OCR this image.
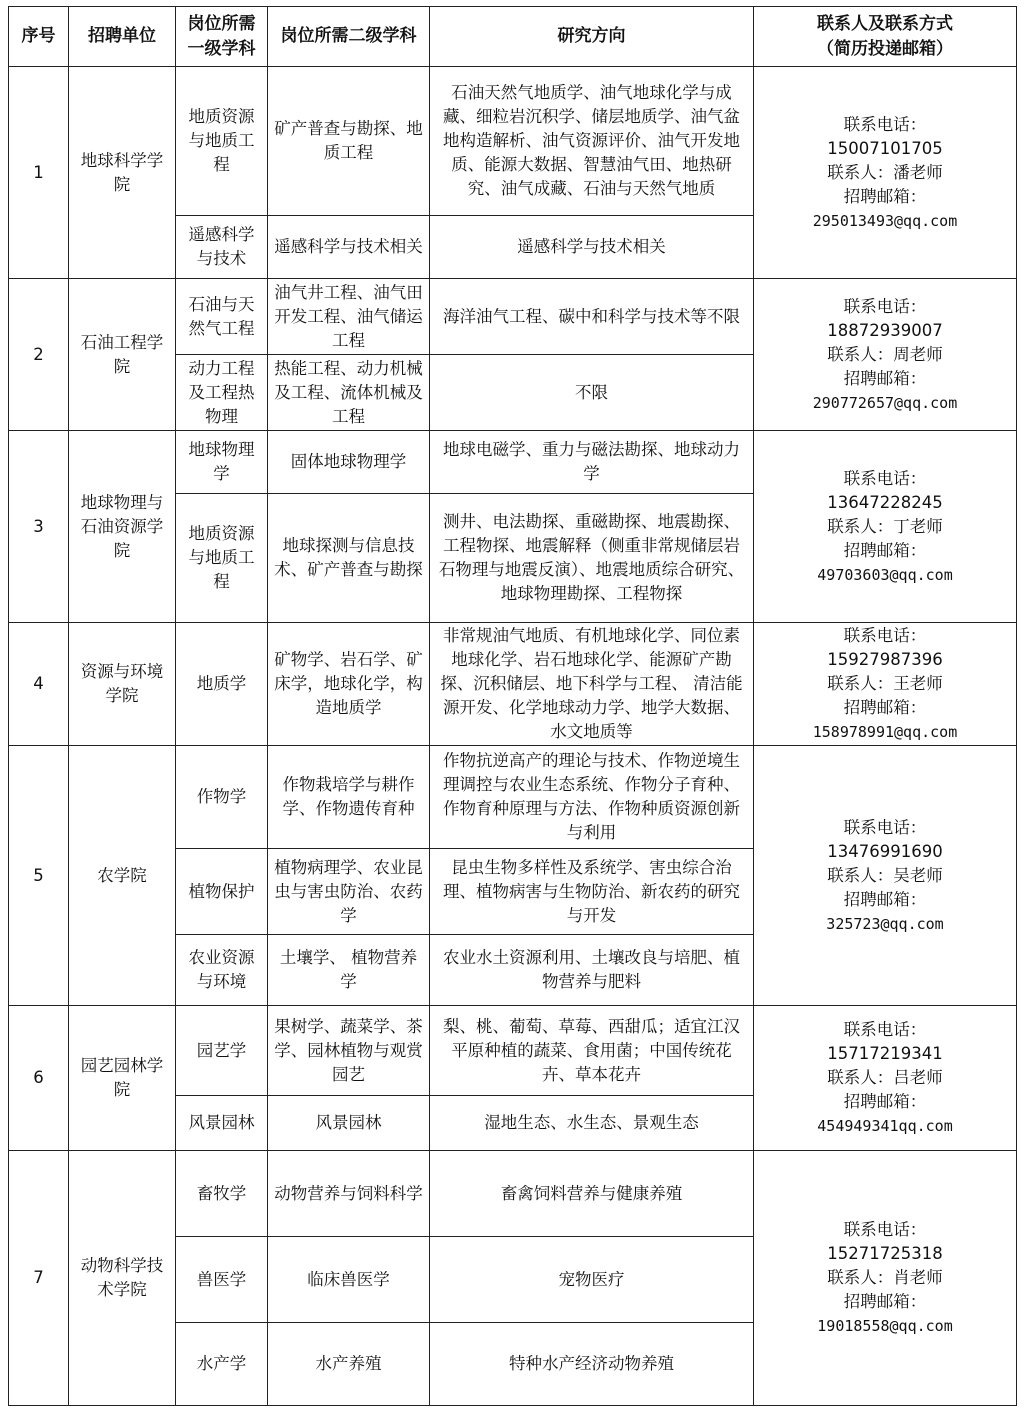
序号	招聘单位	岗位所需一级学科	岗位所需二级学科	研究方向	联系人及联系方式
（简历投递邮箱）

1	地球科学学院	地质资源与地质工程	矿产普查与勘探、地质工程	石油天然气地质学、油气地球化学与成藏、细粒岩沉积学、储层地质学、油气盆地构造解析、油气资源评价、油气开发地质、能源大数据、智慧油气田、地热研究、油气成藏、石油与天然气地质	联系电话：
15007101705
联系人：潘老师
招聘邮箱：
295013493@qq.com

		遥感科学与技术	遥感科学与技术相关	遥感科学与技术相关	
2	石油工程学院	石油与天然气工程	油气井工程、油气田开发工程、油气储运工程	海洋油气工程、碳中和科学与技术等不限	联系电话：
18872939007
联系人：周老师
招聘邮箱：
290772657@qq.com

		动力工程及工程热物理	热能工程、动力机械及工程、流体机械及工程	不限	
3	地球物理与石油资源学院	地球物理学	固体地球物理学	地球电磁学、重力与磁法勘探、地球动力学	联系电话：
13647228245
联系人：丁老师
招聘邮箱：
49703603@qq.com

		地质资源与地质工程	地球探测与信息技术、矿产普查与勘探	测井、电法勘探、重磁勘探、地震勘探、工程物探、地震解释（侧重非常规储层岩石物理与地震反演）、地震地质综合研究、地球物理勘探、工程物探	
4	资源与环境学院	地质学	矿物学、岩石学、矿床学，地球化学，构造地质学	非常规油气地质、有机地球化学、同位素地球化学、岩石地球化学、能源矿产勘探、沉积储层、地下科学与工程、 清洁能源开发、化学地球动力学、地学大数据、水文地质等	联系电话：
15927987396
联系人：王老师
招聘邮箱：
158978991@qq.com

5	农学院	作物学	作物栽培学与耕作学、作物遗传育种	作物抗逆高产的理论与技术、作物逆境生理调控与农业生态系统、作物分子育种、作物育种原理与方法、作物种质资源创新与利用	联系电话：
13476991690
联系人：吴老师
招聘邮箱：
325723@qq.com

		植物保护	植物病理学、农业昆虫与害虫防治、农药学	昆虫生物多样性及系统学、害虫综合治理、植物病害与生物防治、新农药的研究与开发	
		农业资源与环境	土壤学、 植物营养学	农业水土资源利用、土壤改良与培肥、植物营养与肥料	
6	园艺园林学院	园艺学	果树学、蔬菜学、茶学、园林植物与观赏园艺	梨、桃、葡萄、草莓、西甜瓜；适宜江汉平原种植的蔬菜、食用菌；中国传统花卉、草本花卉	联系电话：
15717219341
联系人：吕老师
招聘邮箱：
454949341qq.com

		风景园林	风景园林	湿地生态、水生态、景观生态	
7	动物科学技术学院	畜牧学	动物营养与饲料科学	畜禽饲料营养与健康养殖	联系电话：
15271725318
联系人：肖老师
招聘邮箱：
19018558@qq.com

		兽医学	临床兽医学	宠物医疗	
		水产学	水产养殖	特种水产经济动物养殖	
